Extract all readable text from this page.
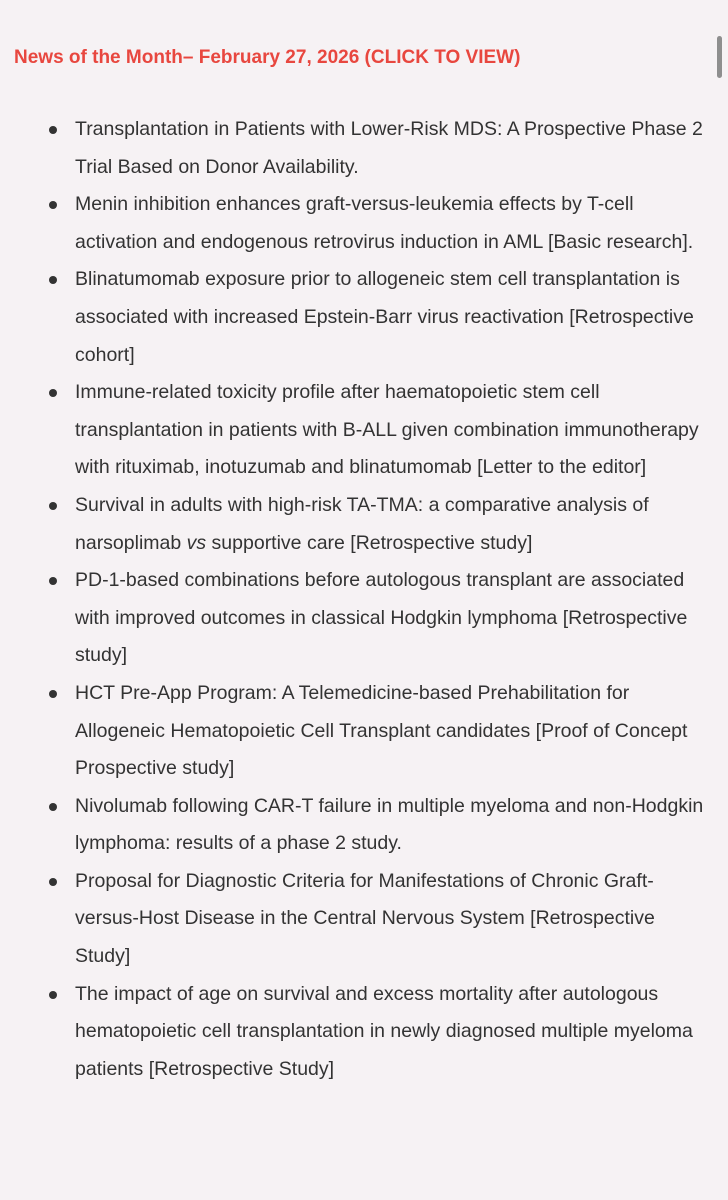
News of the Month– February 27, 2026 (CLICK TO VIEW)
Transplantation in Patients with Lower-Risk MDS: A Prospective Phase 2 Trial Based on Donor Availability.
Menin inhibition enhances graft-versus-leukemia effects by T-cell activation and endogenous retrovirus induction in AML [Basic research].
Blinatumomab exposure prior to allogeneic stem cell transplantation is associated with increased Epstein-Barr virus reactivation [Retrospective cohort]
Immune-related toxicity profile after haematopoietic stem cell transplantation in patients with B-ALL given combination immunotherapy with rituximab, inotuzumab and blinatumomab [Letter to the editor]
Survival in adults with high-risk TA-TMA: a comparative analysis of narsoplimab vs supportive care [Retrospective study]
PD-1-based combinations before autologous transplant are associated with improved outcomes in classical Hodgkin lymphoma [Retrospective study]
HCT Pre-App Program: A Telemedicine-based Prehabilitation for Allogeneic Hematopoietic Cell Transplant candidates [Proof of Concept Prospective study]
Nivolumab following CAR-T failure in multiple myeloma and non-Hodgkin lymphoma: results of a phase 2 study.
Proposal for Diagnostic Criteria for Manifestations of Chronic Graft-versus-Host Disease in the Central Nervous System [Retrospective Study]
The impact of age on survival and excess mortality after autologous hematopoietic cell transplantation in newly diagnosed multiple myeloma patients [Retrospective Study]
